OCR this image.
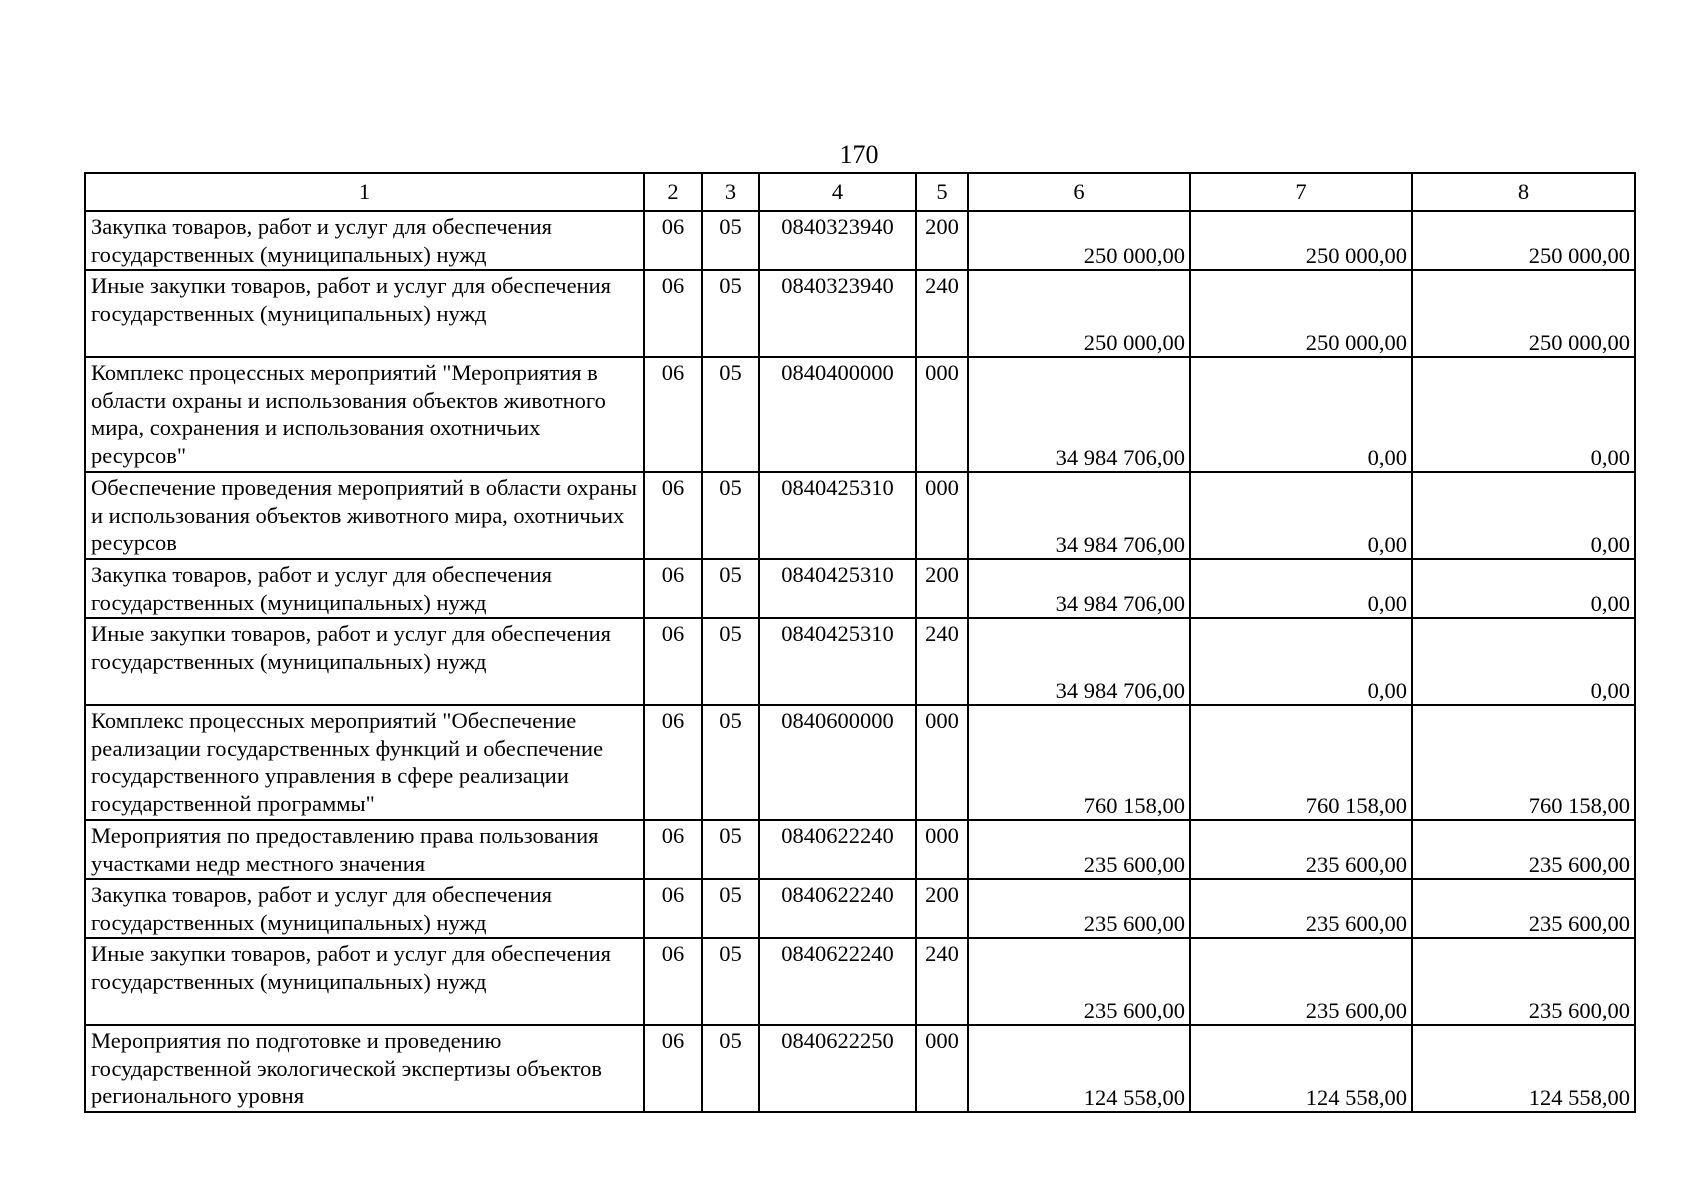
170
1	2	3	4	5	6	7	8
Закупка товаров, работ и услуг для обеспечения государственных (муниципальных) нужд	06	05	0840323940	200	250 000,00	250 000,00	250 000,00
Иные закупки товаров, работ и услуг для обеспечения государственных (муниципальных) нужд	06	05	0840323940	240	250 000,00	250 000,00	250 000,00
Комплекс процессных мероприятий "Мероприятия в области охраны и использования объектов животного мира, сохранения и использования охотничьих ресурсов"	06	05	0840400000	000	34 984 706,00	0,00	0,00
Обеспечение проведения мероприятий в области охраны и использования объектов животного мира, охотничьих ресурсов	06	05	0840425310	000	34 984 706,00	0,00	0,00
Закупка товаров, работ и услуг для обеспечения государственных (муниципальных) нужд	06	05	0840425310	200	34 984 706,00	0,00	0,00
Иные закупки товаров, работ и услуг для обеспечения государственных (муниципальных) нужд	06	05	0840425310	240	34 984 706,00	0,00	0,00
Комплекс процессных мероприятий "Обеспечение реализации государственных функций и обеспечение государственного управления в сфере реализации государственной программы"	06	05	0840600000	000	760 158,00	760 158,00	760 158,00
Мероприятия по предоставлению права пользования участками недр местного значения	06	05	0840622240	000	235 600,00	235 600,00	235 600,00
Закупка товаров, работ и услуг для обеспечения государственных (муниципальных) нужд	06	05	0840622240	200	235 600,00	235 600,00	235 600,00
Иные закупки товаров, работ и услуг для обеспечения государственных (муниципальных) нужд	06	05	0840622240	240	235 600,00	235 600,00	235 600,00
Мероприятия по подготовке и проведению государственной экологической экспертизы объектов регионального уровня	06	05	0840622250	000	124 558,00	124 558,00	124 558,00
